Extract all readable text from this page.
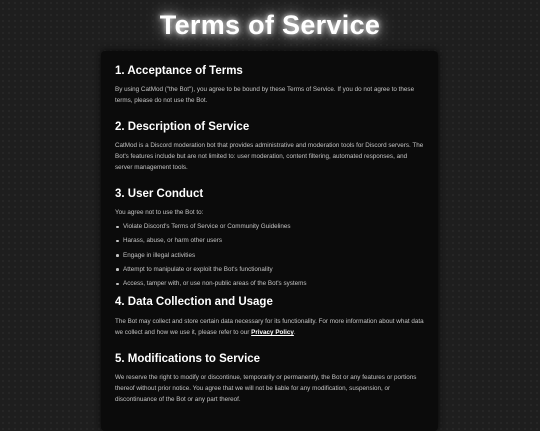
Terms of Service
1. Acceptance of Terms

By using CatMod ("the Bot"), you agree to be bound by these Terms of Service. If you do not agree to these terms, please do not use the Bot.

2. Description of Service

CatMod is a Discord moderation bot that provides administrative and moderation tools for Discord servers. The Bot's features include but are not limited to: user moderation, content filtering, automated responses, and server management tools.

3. User Conduct

You agree not to use the Bot to:

Violate Discord's Terms of Service or Community Guidelines
Harass, abuse, or harm other users
Engage in illegal activities
Attempt to manipulate or exploit the Bot's functionality
Access, tamper with, or use non-public areas of the Bot's systems
4. Data Collection and Usage

The Bot may collect and store certain data necessary for its functionality. For more information about what data we collect and how we use it, please refer to our Privacy Policy.

5. Modifications to Service

We reserve the right to modify or discontinue, temporarily or permanently, the Bot or any features or portions thereof without prior notice. You agree that we will not be liable for any modification, suspension, or discontinuance of the Bot or any part thereof.
